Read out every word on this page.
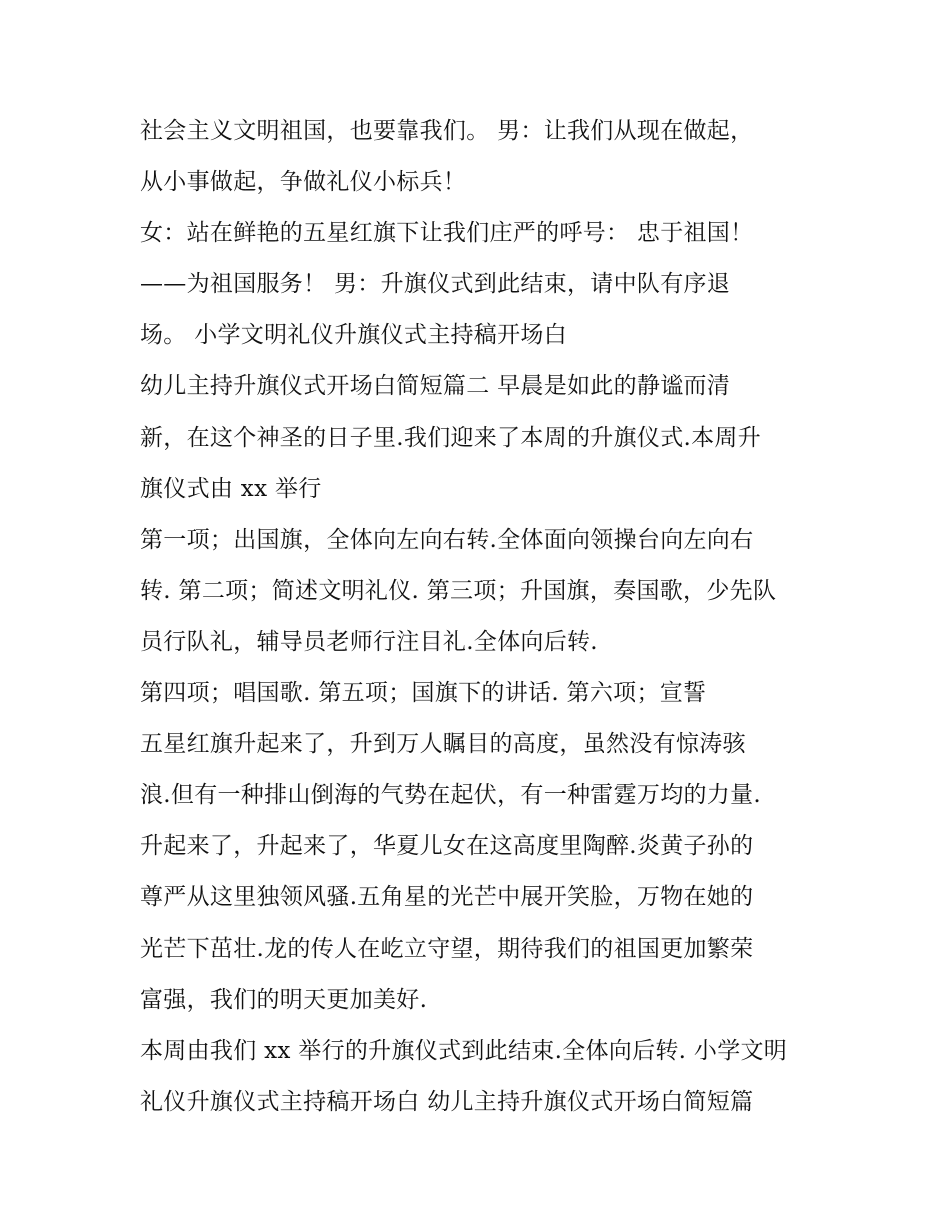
社会主义文明祖国，也要靠我们。 男：让我们从现在做起，
从小事做起，争做礼仪小标兵！
女：站在鲜艳的五星红旗下让我们庄严的呼号： 忠于祖国！
——为祖国服务！ 男：升旗仪式到此结束，请中队有序退
场。 小学文明礼仪升旗仪式主持稿开场白
幼儿主持升旗仪式开场白简短篇二 早晨是如此的静谧而清
新，在这个神圣的日子里.我们迎来了本周的升旗仪式.本周升
旗仪式由 xx 举行
第一项；出国旗，全体向左向右转.全体面向领操台向左向右
转. 第二项；简述文明礼仪. 第三项；升国旗，奏国歌，少先队
员行队礼，辅导员老师行注目礼.全体向后转.
第四项；唱国歌. 第五项；国旗下的讲话. 第六项；宣誓
五星红旗升起来了，升到万人瞩目的高度，虽然没有惊涛骇
浪.但有一种排山倒海的气势在起伏，有一种雷霆万均的力量.
升起来了，升起来了，华夏儿女在这高度里陶醉.炎黄子孙的
尊严从这里独领风骚.五角星的光芒中展开笑脸，万物在她的
光芒下茁壮.龙的传人在屹立守望，期待我们的祖国更加繁荣
富强，我们的明天更加美好.
本周由我们 xx 举行的升旗仪式到此结束.全体向后转. 小学文明
礼仪升旗仪式主持稿开场白 幼儿主持升旗仪式开场白简短篇
